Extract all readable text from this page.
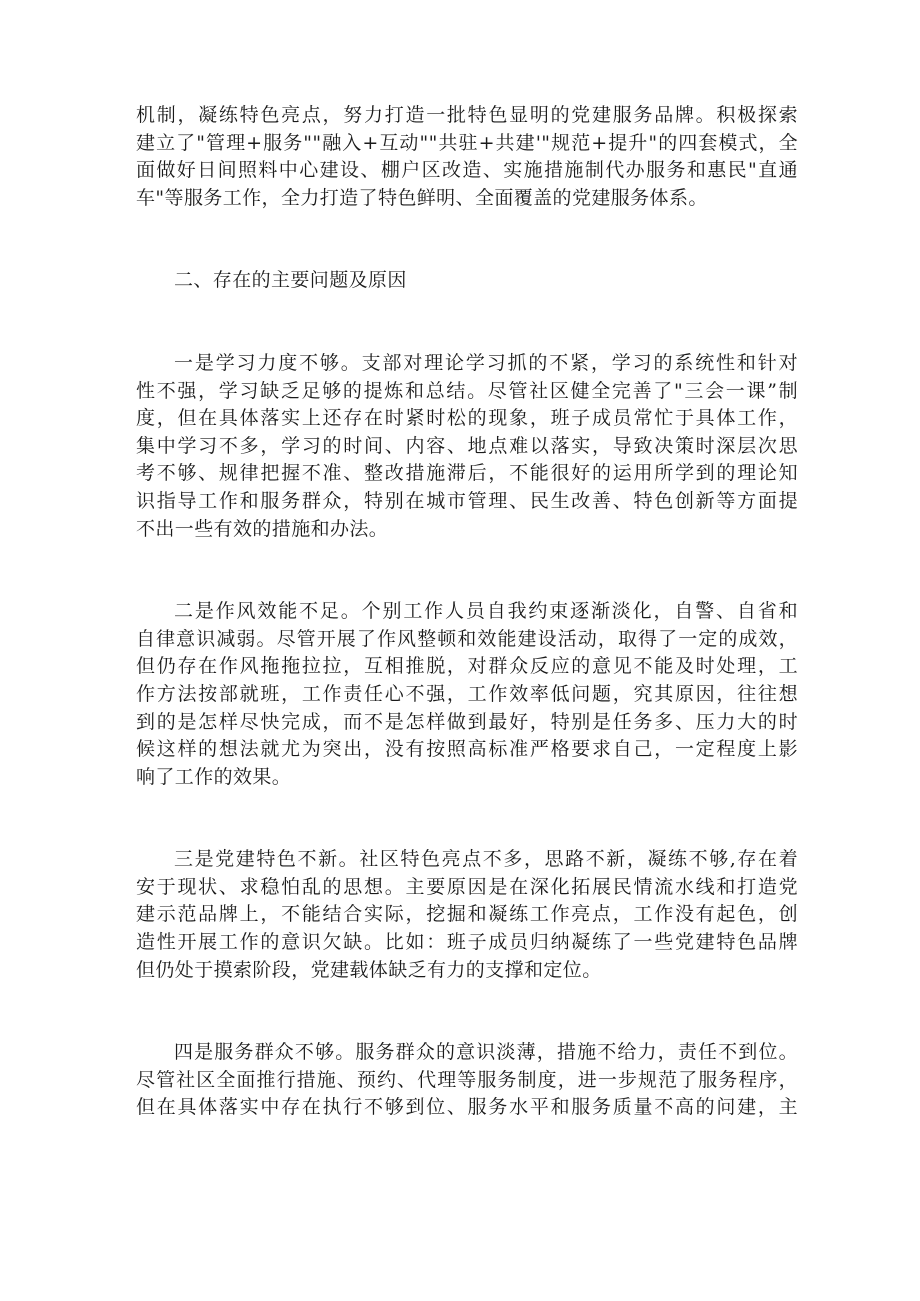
机制，凝练特色亮点，努力打造一批特色显明的党建服务品牌。积极探索
建立了"管理+服务""融入+互动""共驻+共建'"规范+提升"的四套模式，全
面做好日间照料中心建设、棚户区改造、实施措施制代办服务和惠民"直通
车"等服务工作，全力打造了特色鲜明、全面覆盖的党建服务体系。

二、存在的主要问题及原因

一是学习力度不够。支部对理论学习抓的不紧，学习的系统性和针对
性不强，学习缺乏足够的提炼和总结。尽管社区健全完善了"三会一课”制
度，但在具体落实上还存在时紧时松的现象，班子成员常忙于具体工作，
集中学习不多，学习的时间、内容、地点难以落实，导致决策时深层次思
考不够、规律把握不准、整改措施滞后，不能很好的运用所学到的理论知
识指导工作和服务群众，特别在城市管理、民生改善、特色创新等方面提
不出一些有效的措施和办法。

二是作风效能不足。个别工作人员自我约束逐渐淡化，自警、自省和
自律意识减弱。尽管开展了作风整顿和效能建设活动，取得了一定的成效，
但仍存在作风拖拖拉拉，互相推脱，对群众反应的意见不能及时处理，工
作方法按部就班，工作责任心不强，工作效率低问题，究其原因，往往想
到的是怎样尽快完成，而不是怎样做到最好，特别是任务多、压力大的时
候这样的想法就尤为突出，没有按照高标准严格要求自己，一定程度上影
响了工作的效果。

三是党建特色不新。社区特色亮点不多，思路不新，凝练不够,存在着
安于现状、求稳怕乱的思想。主要原因是在深化拓展民情流水线和打造党
建示范品牌上，不能结合实际，挖掘和凝练工作亮点，工作没有起色，创
造性开展工作的意识欠缺。比如：班子成员归纳凝练了一些党建特色品牌
但仍处于摸索阶段，党建载体缺乏有力的支撑和定位。

四是服务群众不够。服务群众的意识淡薄，措施不给力，责任不到位。
尽管社区全面推行措施、预约、代理等服务制度，进一步规范了服务程序，
但在具体落实中存在执行不够到位、服务水平和服务质量不高的问建，主
